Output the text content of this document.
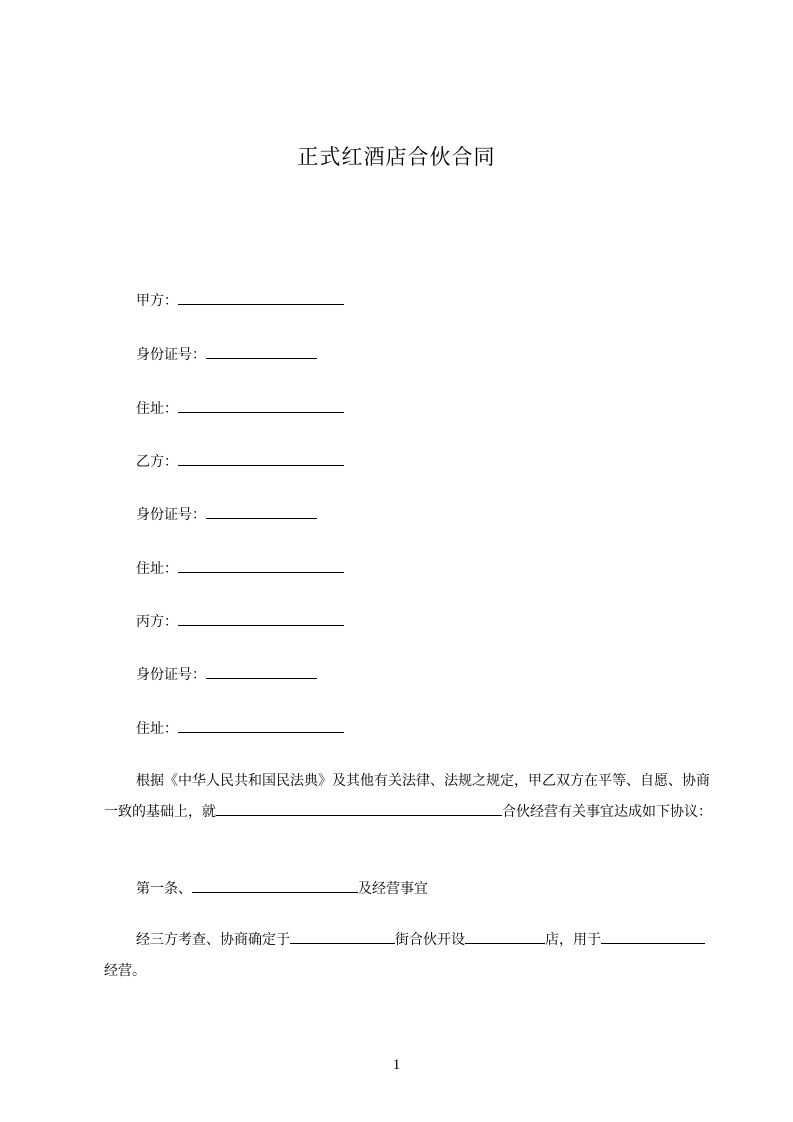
正式红酒店合伙合同
甲方：
身份证号：
住址：
乙方：
身份证号：
住址：
丙方：
身份证号：
住址：
根据《中华人民共和国民法典》及其他有关法律、法规之规定，甲乙双方在平等、自愿、协商一致的基础上，就	合伙经营有关事宜达成如下协议：
第一条、	及经营事宜
经三方考查、协商确定于	街合伙开设	店，用于经营。
1
